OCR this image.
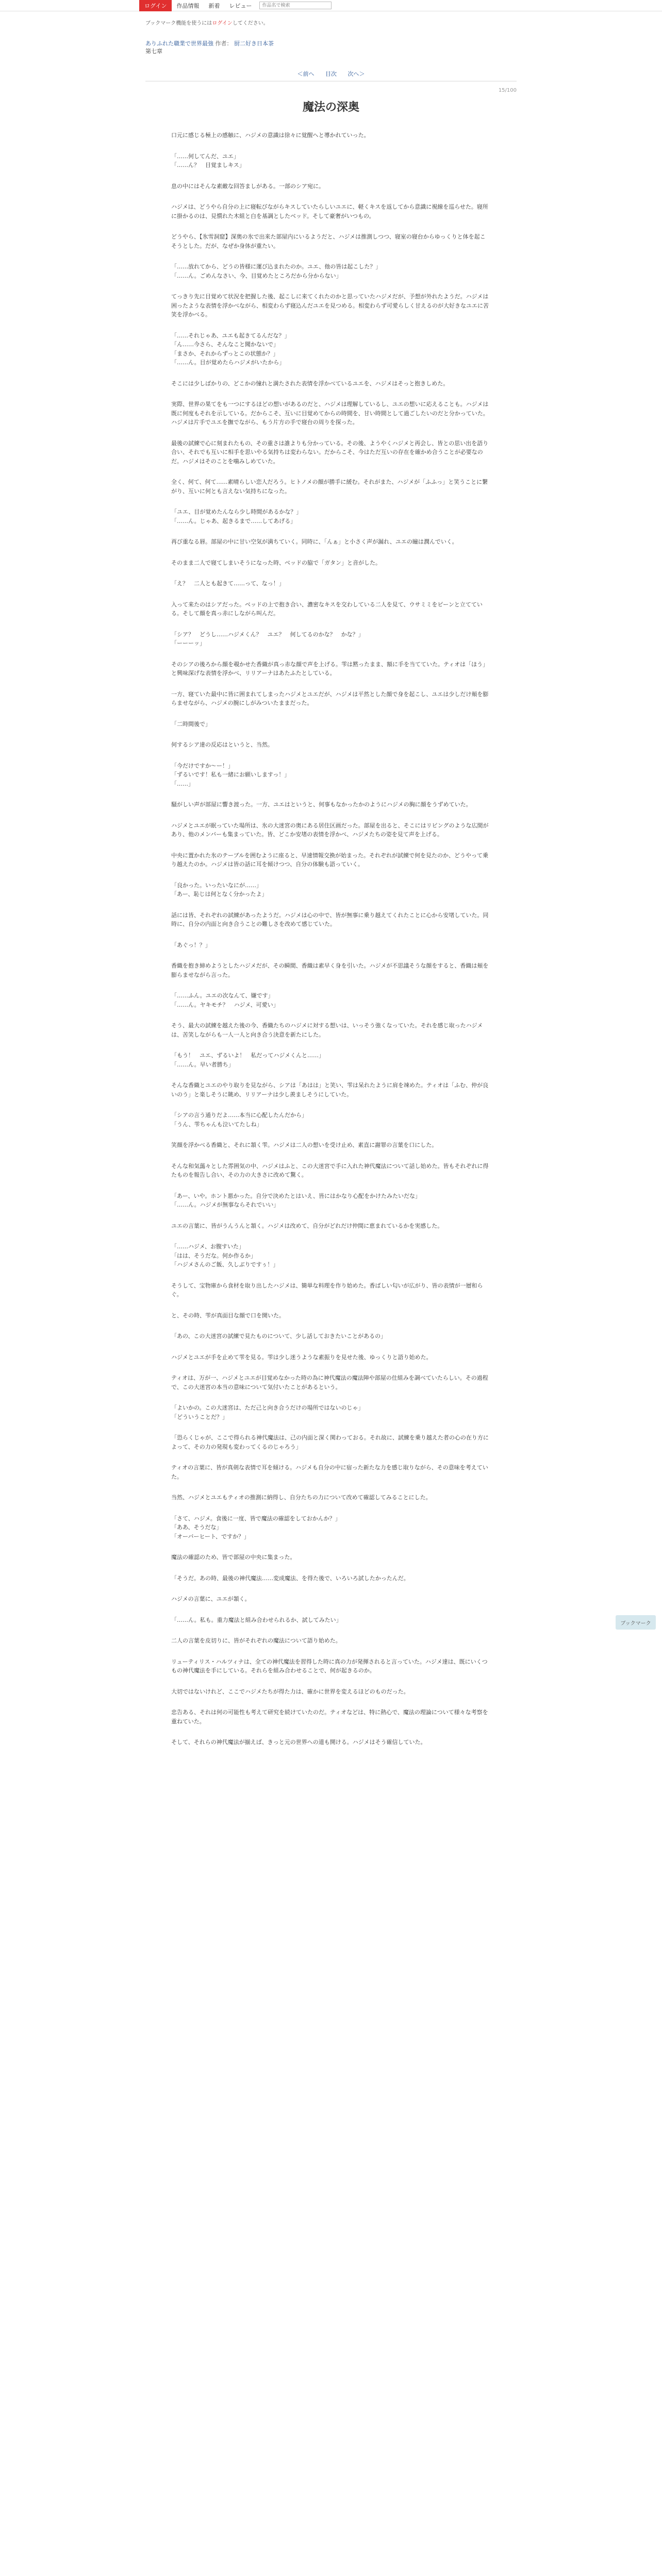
ログイン	作品情報	新着	レビュー
作品名で検索
ブックマーク機能を使うにはログインしてください。
ありふれた職業で世界最強 作者： 厨二好き日本茶
第七章
＜前へ 目次 次へ＞
15/100
魔法の深奥

口元に感じる極上の感触に、ハジメの意識は徐々に覚醒へと導かれていった。

「……何してんだ、ユエ」
「……ん？　目覚ましキス」

息の中にはそんな素敵な回答ましがある。一部のシア宛に。

ハジメは、どうやら自分の上に寝転びながらキスしていたらしいユエに、軽くキスを返してから意識に視線を巡らせた。寝所に掛かるのは、見慣れた木組と白を基調としたベッド。そして豪奢がいつもの。

どうやら、【氷雪洞窟】深奥の氷で出来た部屋内にいるようだと、ハジメは推測しつつ、寝室の寝台からゆっくりと体を起こそうとした。だが、なぜか身体が重たい。

「……放れてから、どうの皆様に運び込まれたのか。ユエ、他の皆は起こした？」
「……ん。ごめんなさい、今、目覚めたところだから分からない」

てっきり先に目覚めて状況を把握した後、起こしに来てくれたのかと思っていたハジメだが、予想が外れたようだ。ハジメは困ったような表情を浮かべながら、相変わらず寝込んだユエを見つめる。相変わらず可愛らしく甘えるのが大好きなユエに苦笑を浮かべる。

「……それじゃあ、ユエも起きてるんだな？」
「ん……今さら、そんなこと聞かないで」
「まさか、それからずっとこの状態か？」
「……ん。目が覚めたらハジメがいたから」

そこには少しばかりの、どこかの憧れと満たされた表情を浮かべているユエを、ハジメはそっと抱きしめた。

実際、世界の果てをも一つにするほどの想いがあるのだと、ハジメは理解しているし、ユエの想いに応えることも。ハジメは既に何度もそれを示している。だからこそ、互いに目覚めてからの時間を、甘い時間として過ごしたいのだと分かっていた。ハジメは片手でユエを撫でながら、もう片方の手で寝台の周りを探った。

最後の試練で心に刻まれたもの、その重さは誰よりも分かっている。その後、ようやくハジメと再会し、皆との思い出を語り合い、それでも互いに相手を思いやる気持ちは変わらない。だからこそ、今はただ互いの存在を確かめ合うことが必要なのだ。ハジメはそのことを噛みしめていた。

全く、何て、何て……素晴らしい恋人だろう。ヒトノメの顔が勝手に緩む。それがまた、ハジメが「ふふっ」と笑うことに繋がり、互いに何とも言えない気持ちになった。

「ユエ、目が覚めたんなら少し時間があるかな？」
「……ん。じゃあ、起きるまで……してあげる」

再び重なる唇。部屋の中に甘い空気が満ちていく。同時に、「んぁ」と小さく声が漏れ、ユエの瞳は潤んでいく。

そのまま二人で寝てしまいそうになった時、ベッドの脇で「ガタン」と音がした。

「え？　二人とも起きて……って、なっ！」

入って来たのはシアだった。ベッドの上で抱き合い、濃密なキスを交わしている二人を見て、ウサミミをピーンと立てている。そして顔を真っ赤にしながら叫んだ。

「シア？　どうし……ハジメくん？　ユエ？　何してるのかな？　かな？」
「ーーーッ」

そのシアの後ろから顔を覗かせた香織が真っ赤な顔で声を上げる。雫は黙ったまま、額に手を当てていた。ティオは「ほう」と興味深げな表情を浮かべ、リリアーナはあたふたとしている。

一方、寝ていた最中に皆に囲まれてしまったハジメとユエだが、ハジメは平然とした顔で身を起こし、ユエは少しだけ頬を膨らませながら、ハジメの腕にしがみついたままだった。

「二時間後で」

何するシア達の反応はというと、当然。

「今だけですか〜ー！」
「ずるいです！私も一緒にお願いしますっ！」
「……」

騒がしい声が部屋に響き渡った。一方、ユエはというと、何事もなかったかのようにハジメの胸に顔をうずめていた。

ハジメとユエが眠っていた場所は、氷の大迷宮の奥にある居住区画だった。部屋を出ると、そこにはリビングのような広間があり、他のメンバーも集まっていた。皆、どこか安堵の表情を浮かべ、ハジメたちの姿を見て声を上げる。

中央に置かれた氷のテーブルを囲むように座ると、早速情報交換が始まった。それぞれが試練で何を見たのか、どうやって乗り越えたのか。ハジメは皆の話に耳を傾けつつ、自分の体験も語っていく。

「良かった。いったいなにが……」
「あー、恥じは何となく分かったよ」

話には皆、それぞれの試練があったようだ。ハジメは心の中で、皆が無事に乗り越えてくれたことに心から安堵していた。同時に、自分の内面と向き合うことの難しさを改めて感じていた。

「あぐっ！？」

香織を抱き締めようとしたハジメだが、その瞬間、香織は素早く身を引いた。ハジメが不思議そうな顔をすると、香織は頬を膨らませながら言った。

「……ふん。ユエの次なんて、嫌です」
「……ん。ヤキモチ？　ハジメ、可愛い」

そう、最大の試練を越えた後の今、香織たちのハジメに対する想いは、いっそう強くなっていた。それを感じ取ったハジメは、苦笑しながらも一人一人と向き合う決意を新たにした。

「もう！　ユエ、ずるいよ！　私だってハジメくんと……」
「……ん。早い者勝ち」

そんな香織とユエのやり取りを見ながら、シアは「あはは」と笑い、雫は呆れたように肩を竦めた。ティオは「ふむ、仲が良いのう」と楽しそうに眺め、リリアーナは少し羨ましそうにしていた。

「シアの言う通りだよ……本当に心配したんだから」
「うん、雫ちゃんも泣いてたしね」

笑顔を浮かべる香織と、それに頷く雫。ハジメは二人の想いを受け止め、素直に謝罪の言葉を口にした。

そんな和気藹々とした雰囲気の中、ハジメはふと、この大迷宮で手に入れた神代魔法について話し始めた。皆もそれぞれに得たものを報告し合い、その力の大きさに改めて驚く。

「あー、いや。ホント悪かった。自分で決めたとはいえ、皆にはかなり心配をかけたみたいだな」
「……ん。ハジメが無事ならそれでいい」

ユエの言葉に、皆がうんうんと頷く。ハジメは改めて、自分がどれだけ仲間に恵まれているかを実感した。

「……ハジメ、お腹すいた」
「はは、そうだな。何か作るか」
「ハジメさんのご飯、久しぶりですぅ！」

そうして、宝物庫から食材を取り出したハジメは、簡単な料理を作り始めた。香ばしい匂いが広がり、皆の表情が一層和らぐ。

と、その時、雫が真面目な顔で口を開いた。

「あの、この大迷宮の試練で見たものについて、少し話しておきたいことがあるの」

ハジメとユエが手を止めて雫を見る。雫は少し迷うような素振りを見せた後、ゆっくりと語り始めた。

ティオは、万が一、ハジメとユエが目覚めなかった時の為に神代魔法の魔法陣や部屋の仕組みを調べていたらしい。その過程で、この大迷宮の本当の意味について気付いたことがあるという。

「よいかの。この大迷宮は、ただ己と向き合うだけの場所ではないのじゃ」
「どういうことだ？」

「恐らくじゃが、ここで得られる神代魔法は、己の内面と深く関わっておる。それ故に、試練を乗り越えた者の心の在り方によって、その力の発現も変わってくるのじゃろう」

ティオの言葉に、皆が真剣な表情で耳を傾ける。ハジメも自分の中に宿った新たな力を感じ取りながら、その意味を考えていた。

当然、ハジメとユエもティオの推測に納得し、自分たちの力について改めて確認してみることにした。

「さて、ハジメ。食後に一度、皆で魔法の確認をしておかんか？」
「ああ、そうだな」
「オーバーヒート、ですか？」

魔法の確認のため、皆で部屋の中央に集まった。

「そうだ。あの時、最後の神代魔法……変成魔法、を得た後で、いろいろ試したかったんだ。

ハジメの言葉に、ユエが頷く。

「……ん。私も。重力魔法と組み合わせられるか、試してみたい」

二人の言葉を皮切りに、皆がそれぞれの魔法について語り始めた。

リューティリス・ハルツィナは、全ての神代魔法を習得した時に真の力が発揮されると言っていた。ハジメ達は、既にいくつもの神代魔法を手にしている。それらを組み合わせることで、何が起きるのか。

大切ではないけれど、ここでハジメたちが得た力は、確かに世界を変えるほどのものだった。

忠告ある、それは何の可能性も考えて研究を続けていたのだ。ティオなどは、特に熱心で、魔法の理論について様々な考察を重ねていた。

そして、それらの神代魔法が揃えば、きっと元の世界への道も開ける。ハジメはそう確信していた。

ブックマーク
